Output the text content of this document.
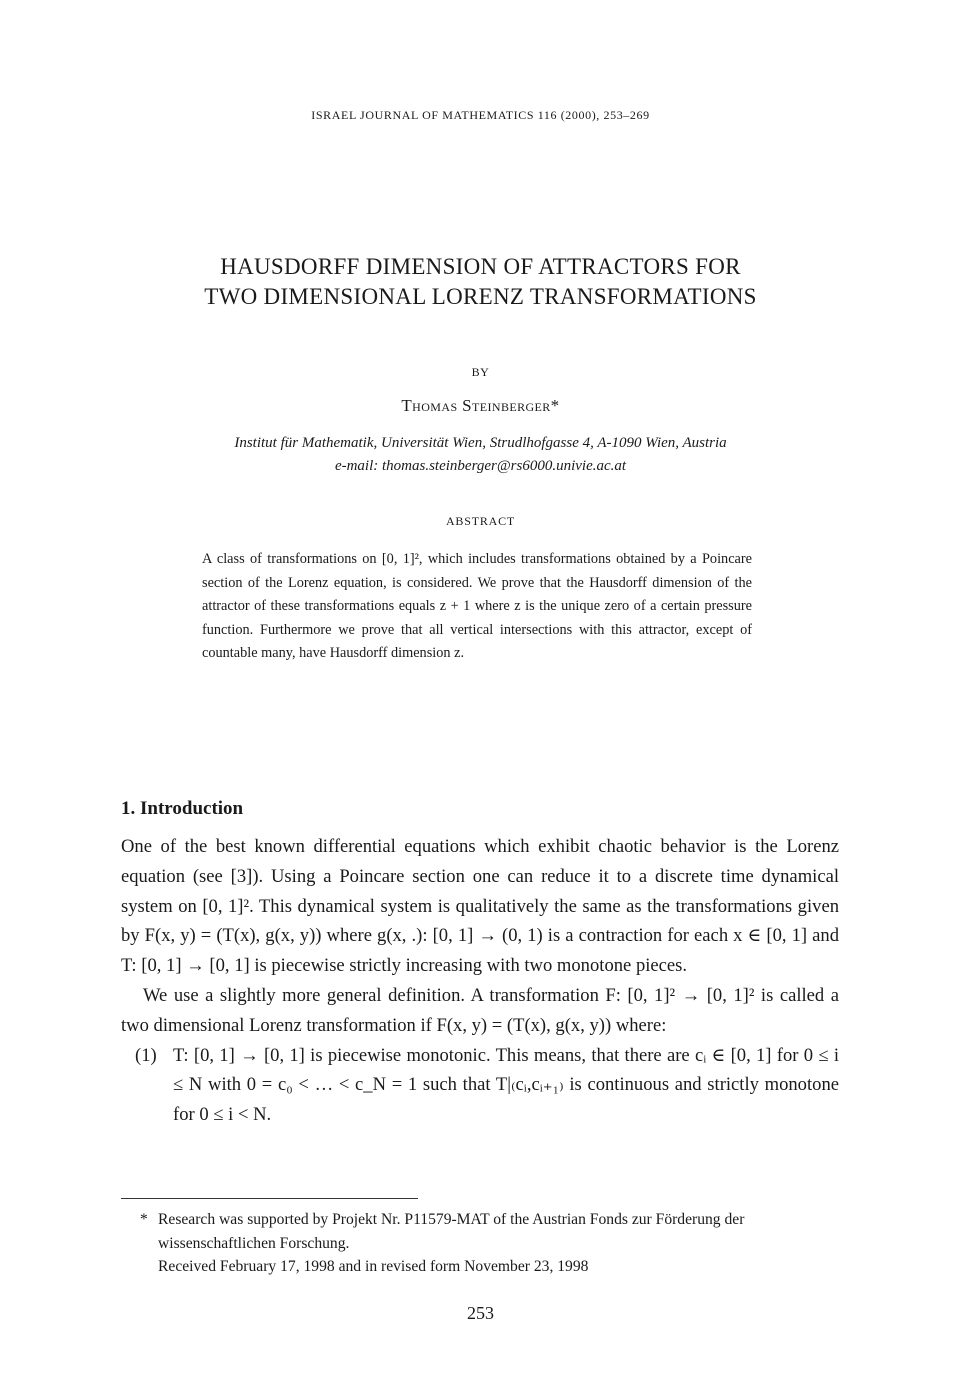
ISRAEL JOURNAL OF MATHEMATICS 116 (2000), 253–269
HAUSDORFF DIMENSION OF ATTRACTORS FOR
TWO DIMENSIONAL LORENZ TRANSFORMATIONS
BY
Thomas Steinberger*
Institut für Mathematik, Universität Wien, Strudlhofgasse 4, A-1090 Wien, Austria
e-mail: thomas.steinberger@rs6000.univie.ac.at
ABSTRACT

A class of transformations on [0, 1]², which includes transformations obtained by a Poincare section of the Lorenz equation, is considered. We prove that the Hausdorff dimension of the attractor of these transformations equals z + 1 where z is the unique zero of a certain pressure function. Furthermore we prove that all vertical intersections with this attractor, except of countable many, have Hausdorff dimension z.

1. Introduction

One of the best known differential equations which exhibit chaotic behavior is the Lorenz equation (see [3]). Using a Poincare section one can reduce it to a discrete time dynamical system on [0, 1]². This dynamical system is qualitatively the same as the transformations given by F(x, y) = (T(x), g(x, y)) where g(x, .): [0, 1] → (0, 1) is a contraction for each x ∈ [0, 1] and T: [0, 1] → [0, 1] is piecewise strictly increasing with two monotone pieces.

We use a slightly more general definition. A transformation F: [0, 1]² → [0, 1]² is called a two dimensional Lorenz transformation if F(x, y) = (T(x), g(x, y)) where:

(1) T: [0, 1] → [0, 1] is piecewise monotonic. This means, that there are cᵢ ∈ [0, 1] for 0 ≤ i ≤ N with 0 = c₀ < … < c_N = 1 such that T|₍cᵢ,cᵢ₊₁₎ is continuous and strictly monotone for 0 ≤ i < N.

* Research was supported by Projekt Nr. P11579-MAT of the Austrian Fonds zur Förderung der wissenschaftlichen Forschung.

Received February 17, 1998 and in revised form November 23, 1998

253
